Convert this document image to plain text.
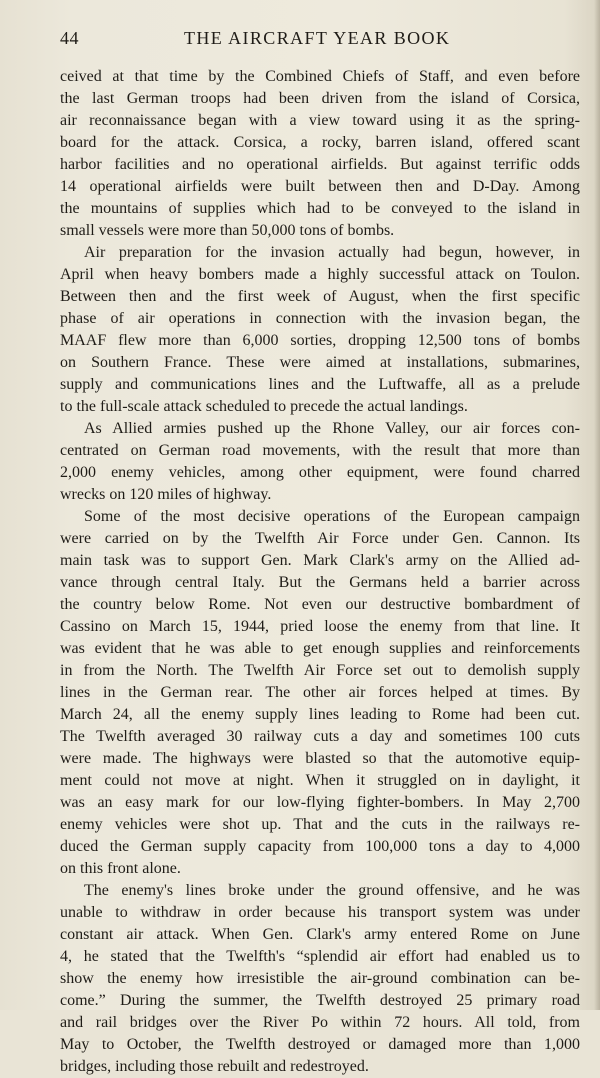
44	THE AIRCRAFT YEAR BOOK
ceived at that time by the Combined Chiefs of Staff, and even before
the last German troops had been driven from the island of Corsica,
air reconnaissance began with a view toward using it as the spring-
board for the attack. Corsica, a rocky, barren island, offered scant
harbor facilities and no operational airfields. But against terrific odds
14 operational airfields were built between then and D-Day. Among
the mountains of supplies which had to be conveyed to the island in
small vessels were more than 50,000 tons of bombs.
Air preparation for the invasion actually had begun, however, in
April when heavy bombers made a highly successful attack on Toulon.
Between then and the first week of August, when the first specific
phase of air operations in connection with the invasion began, the
MAAF flew more than 6,000 sorties, dropping 12,500 tons of bombs
on Southern France. These were aimed at installations, submarines,
supply and communications lines and the Luftwaffe, all as a prelude
to the full-scale attack scheduled to precede the actual landings.
As Allied armies pushed up the Rhone Valley, our air forces con-
centrated on German road movements, with the result that more than
2,000 enemy vehicles, among other equipment, were found charred
wrecks on 120 miles of highway.
Some of the most decisive operations of the European campaign
were carried on by the Twelfth Air Force under Gen. Cannon. Its
main task was to support Gen. Mark Clark's army on the Allied ad-
vance through central Italy. But the Germans held a barrier across
the country below Rome. Not even our destructive bombardment of
Cassino on March 15, 1944, pried loose the enemy from that line. It
was evident that he was able to get enough supplies and reinforcements
in from the North. The Twelfth Air Force set out to demolish supply
lines in the German rear. The other air forces helped at times. By
March 24, all the enemy supply lines leading to Rome had been cut.
The Twelfth averaged 30 railway cuts a day and sometimes 100 cuts
were made. The highways were blasted so that the automotive equip-
ment could not move at night. When it struggled on in daylight, it
was an easy mark for our low-flying fighter-bombers. In May 2,700
enemy vehicles were shot up. That and the cuts in the railways re-
duced the German supply capacity from 100,000 tons a day to 4,000
on this front alone.
The enemy's lines broke under the ground offensive, and he was
unable to withdraw in order because his transport system was under
constant air attack. When Gen. Clark's army entered Rome on June
4, he stated that the Twelfth's “splendid air effort had enabled us to
show the enemy how irresistible the air-ground combination can be-
come.” During the summer, the Twelfth destroyed 25 primary road
and rail bridges over the River Po within 72 hours. All told, from
May to October, the Twelfth destroyed or damaged more than 1,000
bridges, including those rebuilt and redestroyed.
